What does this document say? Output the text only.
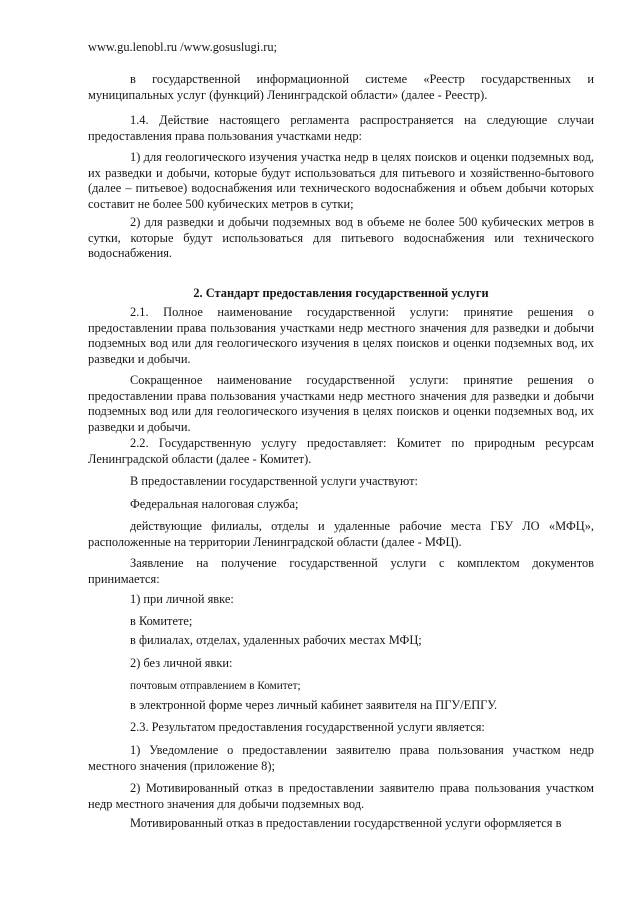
www.gu.lenobl.ru /www.gosuslugi.ru;

в государственной информационной системе «Реестр государственных и муниципальных услуг (функций) Ленинградской области» (далее - Реестр).

1.4. Действие настоящего регламента распространяется на следующие случаи предоставления права пользования участками недр:

1) для геологического изучения участка недр в целях поисков и оценки подземных вод, их разведки и добычи, которые будут использоваться для питьевого и хозяйственно-бытового (далее – питьевое) водоснабжения или технического водоснабжения и объем добычи которых составит не более 500 кубических метров в сутки;

2) для разведки и добычи подземных вод в объеме не более 500 кубических метров в сутки, которые будут использоваться для питьевого водоснабжения или технического водоснабжения.

2. Стандарт предоставления государственной услуги

2.1. Полное наименование государственной услуги: принятие решения о предоставлении права пользования участками недр местного значения для разведки и добычи подземных вод или для геологического изучения в целях поисков и оценки подземных вод, их разведки и добычи.

Сокращенное наименование государственной услуги: принятие решения о предоставлении права пользования участками недр местного значения для разведки и добычи подземных вод или для геологического изучения в целях поисков и оценки подземных вод, их разведки и добычи.

2.2. Государственную услугу предоставляет: Комитет по природным ресурсам Ленинградской области (далее - Комитет).

В предоставлении государственной услуги участвуют:

Федеральная налоговая служба;

действующие филиалы, отделы и удаленные рабочие места ГБУ ЛО «МФЦ», расположенные на территории Ленинградской области (далее - МФЦ).

Заявление на получение государственной услуги с комплектом документов принимается:

1) при личной явке:

в Комитете;

в филиалах, отделах, удаленных рабочих местах МФЦ;

2) без личной явки:

почтовым отправлением в Комитет;

в электронной форме через личный кабинет заявителя на ПГУ/ЕПГУ.

2.3. Результатом предоставления государственной услуги является:

1) Уведомление о предоставлении заявителю права пользования участком недр местного значения (приложение 8);

2) Мотивированный отказ в предоставлении заявителю права пользования участком недр местного значения для добычи подземных вод.

Мотивированный отказ в предоставлении государственной услуги оформляется в
